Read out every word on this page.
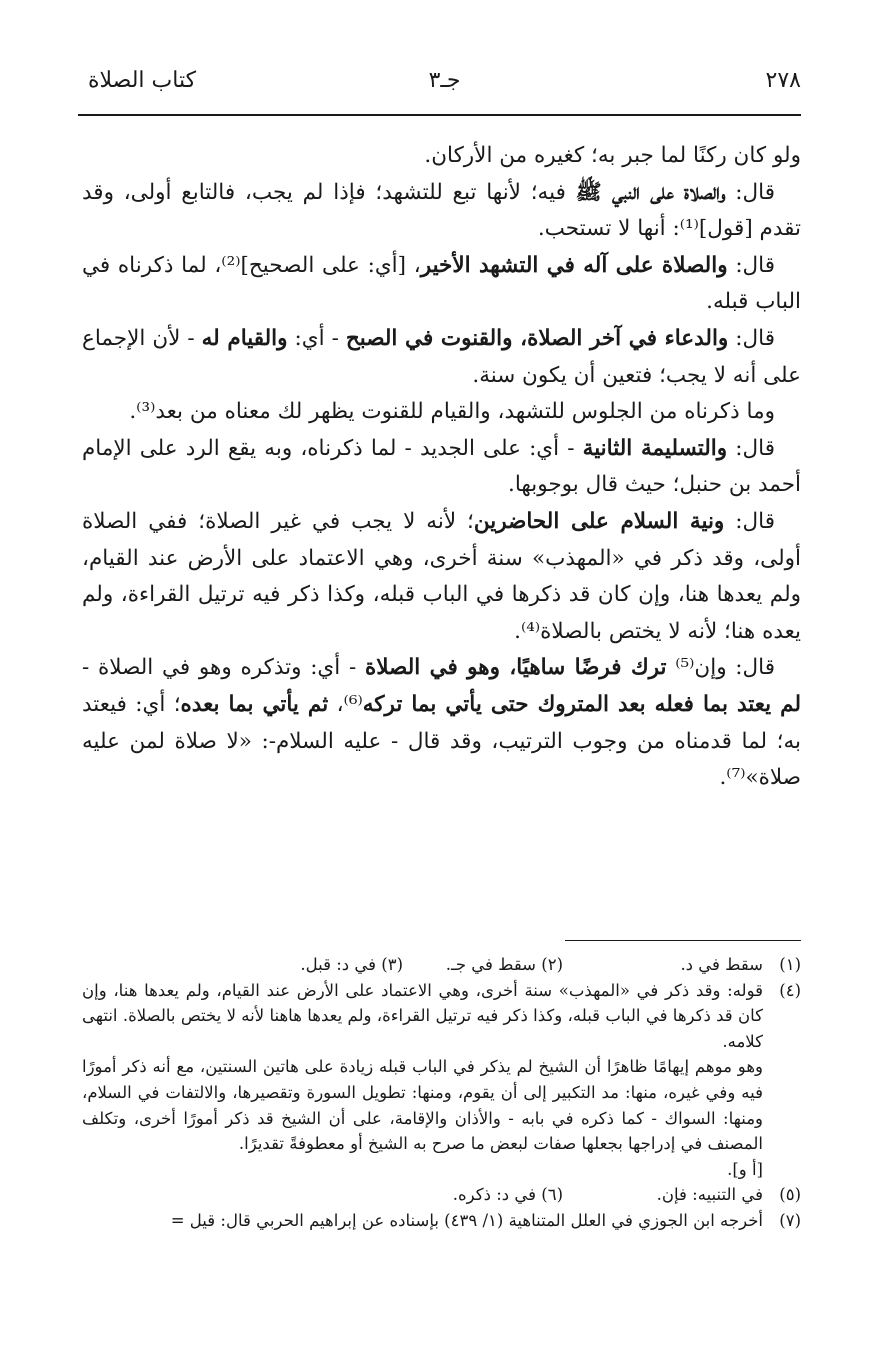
٢٧٨
جـ٣
كتاب الصلاة

ولو كان ركنًا لما جبر به؛ كغيره من الأركان.

قال: والصلاة على النبي ﷺ فيه؛ لأنها تبع للتشهد؛ فإذا لم يجب، فالتابع أولى، وقد تقدم [قول]⁽¹⁾: أنها لا تستحب.

قال: والصلاة على آله في التشهد الأخير، [أي: على الصحيح]⁽²⁾، لما ذكرناه في الباب قبله.

قال: والدعاء في آخر الصلاة، والقنوت في الصبح - أي: والقيام له - لأن الإجماع على أنه لا يجب؛ فتعين أن يكون سنة.

وما ذكرناه من الجلوس للتشهد، والقيام للقنوت يظهر لك معناه من بعد⁽³⁾.

قال: والتسليمة الثانية - أي: على الجديد - لما ذكرناه، وبه يقع الرد على الإمام أحمد بن حنبل؛ حيث قال بوجوبها.

قال: ونية السلام على الحاضرين؛ لأنه لا يجب في غير الصلاة؛ ففي الصلاة أولى، وقد ذكر في «المهذب» سنة أخرى، وهي الاعتماد على الأرض عند القيام، ولم يعدها هنا، وإن كان قد ذكرها في الباب قبله، وكذا ذكر فيه ترتيل القراءة، ولم يعده هنا؛ لأنه لا يختص بالصلاة⁽⁴⁾.

قال: وإن⁽⁵⁾ ترك فرضًا ساهيًا، وهو في الصلاة - أي: وتذكره وهو في الصلاة - لم يعتد بما فعله بعد المتروك حتى يأتي بما تركه⁽⁶⁾، ثم يأتي بما بعده؛ أي: فيعتد به؛ لما قدمناه من وجوب الترتيب، وقد قال - عليه السلام-: «لا صلاة لمن عليه صلاة»⁽⁷⁾.

(١)
سقط في د.
(٢) سقط في جـ.
(٣) في د: قبل.
(٤)
قوله: وقد ذكر في «المهذب» سنة أخرى، وهي الاعتماد على الأرض عند القيام، ولم يعدها هنا، وإن كان قد ذكرها في الباب قبله، وكذا ذكر فيه ترتيل القراءة، ولم يعدها هاهنا لأنه لا يختص بالصلاة. انتهى كلامه.

وهو موهم إيهامًا ظاهرًا أن الشيخ لم يذكر في الباب قبله زيادة على هاتين السنتين، مع أنه ذكر أمورًا فيه وفي غيره، منها: مد التكبير إلى أن يقوم، ومنها: تطويل السورة وتقصيرها، والالتفات في السلام، ومنها: السواك - كما ذكره في بابه - والأذان والإقامة، على أن الشيخ قد ذكر أمورًا أخرى، وتكلف المصنف في إدراجها بجعلها صفات لبعض ما صرح به الشيخ أو معطوفةً تقديرًا.

[أ و].

(٥)
في التنبيه: فإن.
(٦) في د: ذكره.
(٧)
أخرجه ابن الجوزي في العلل المتناهية (١/ ٤٣٩) بإسناده عن إبراهيم الحربي قال: قيل =
